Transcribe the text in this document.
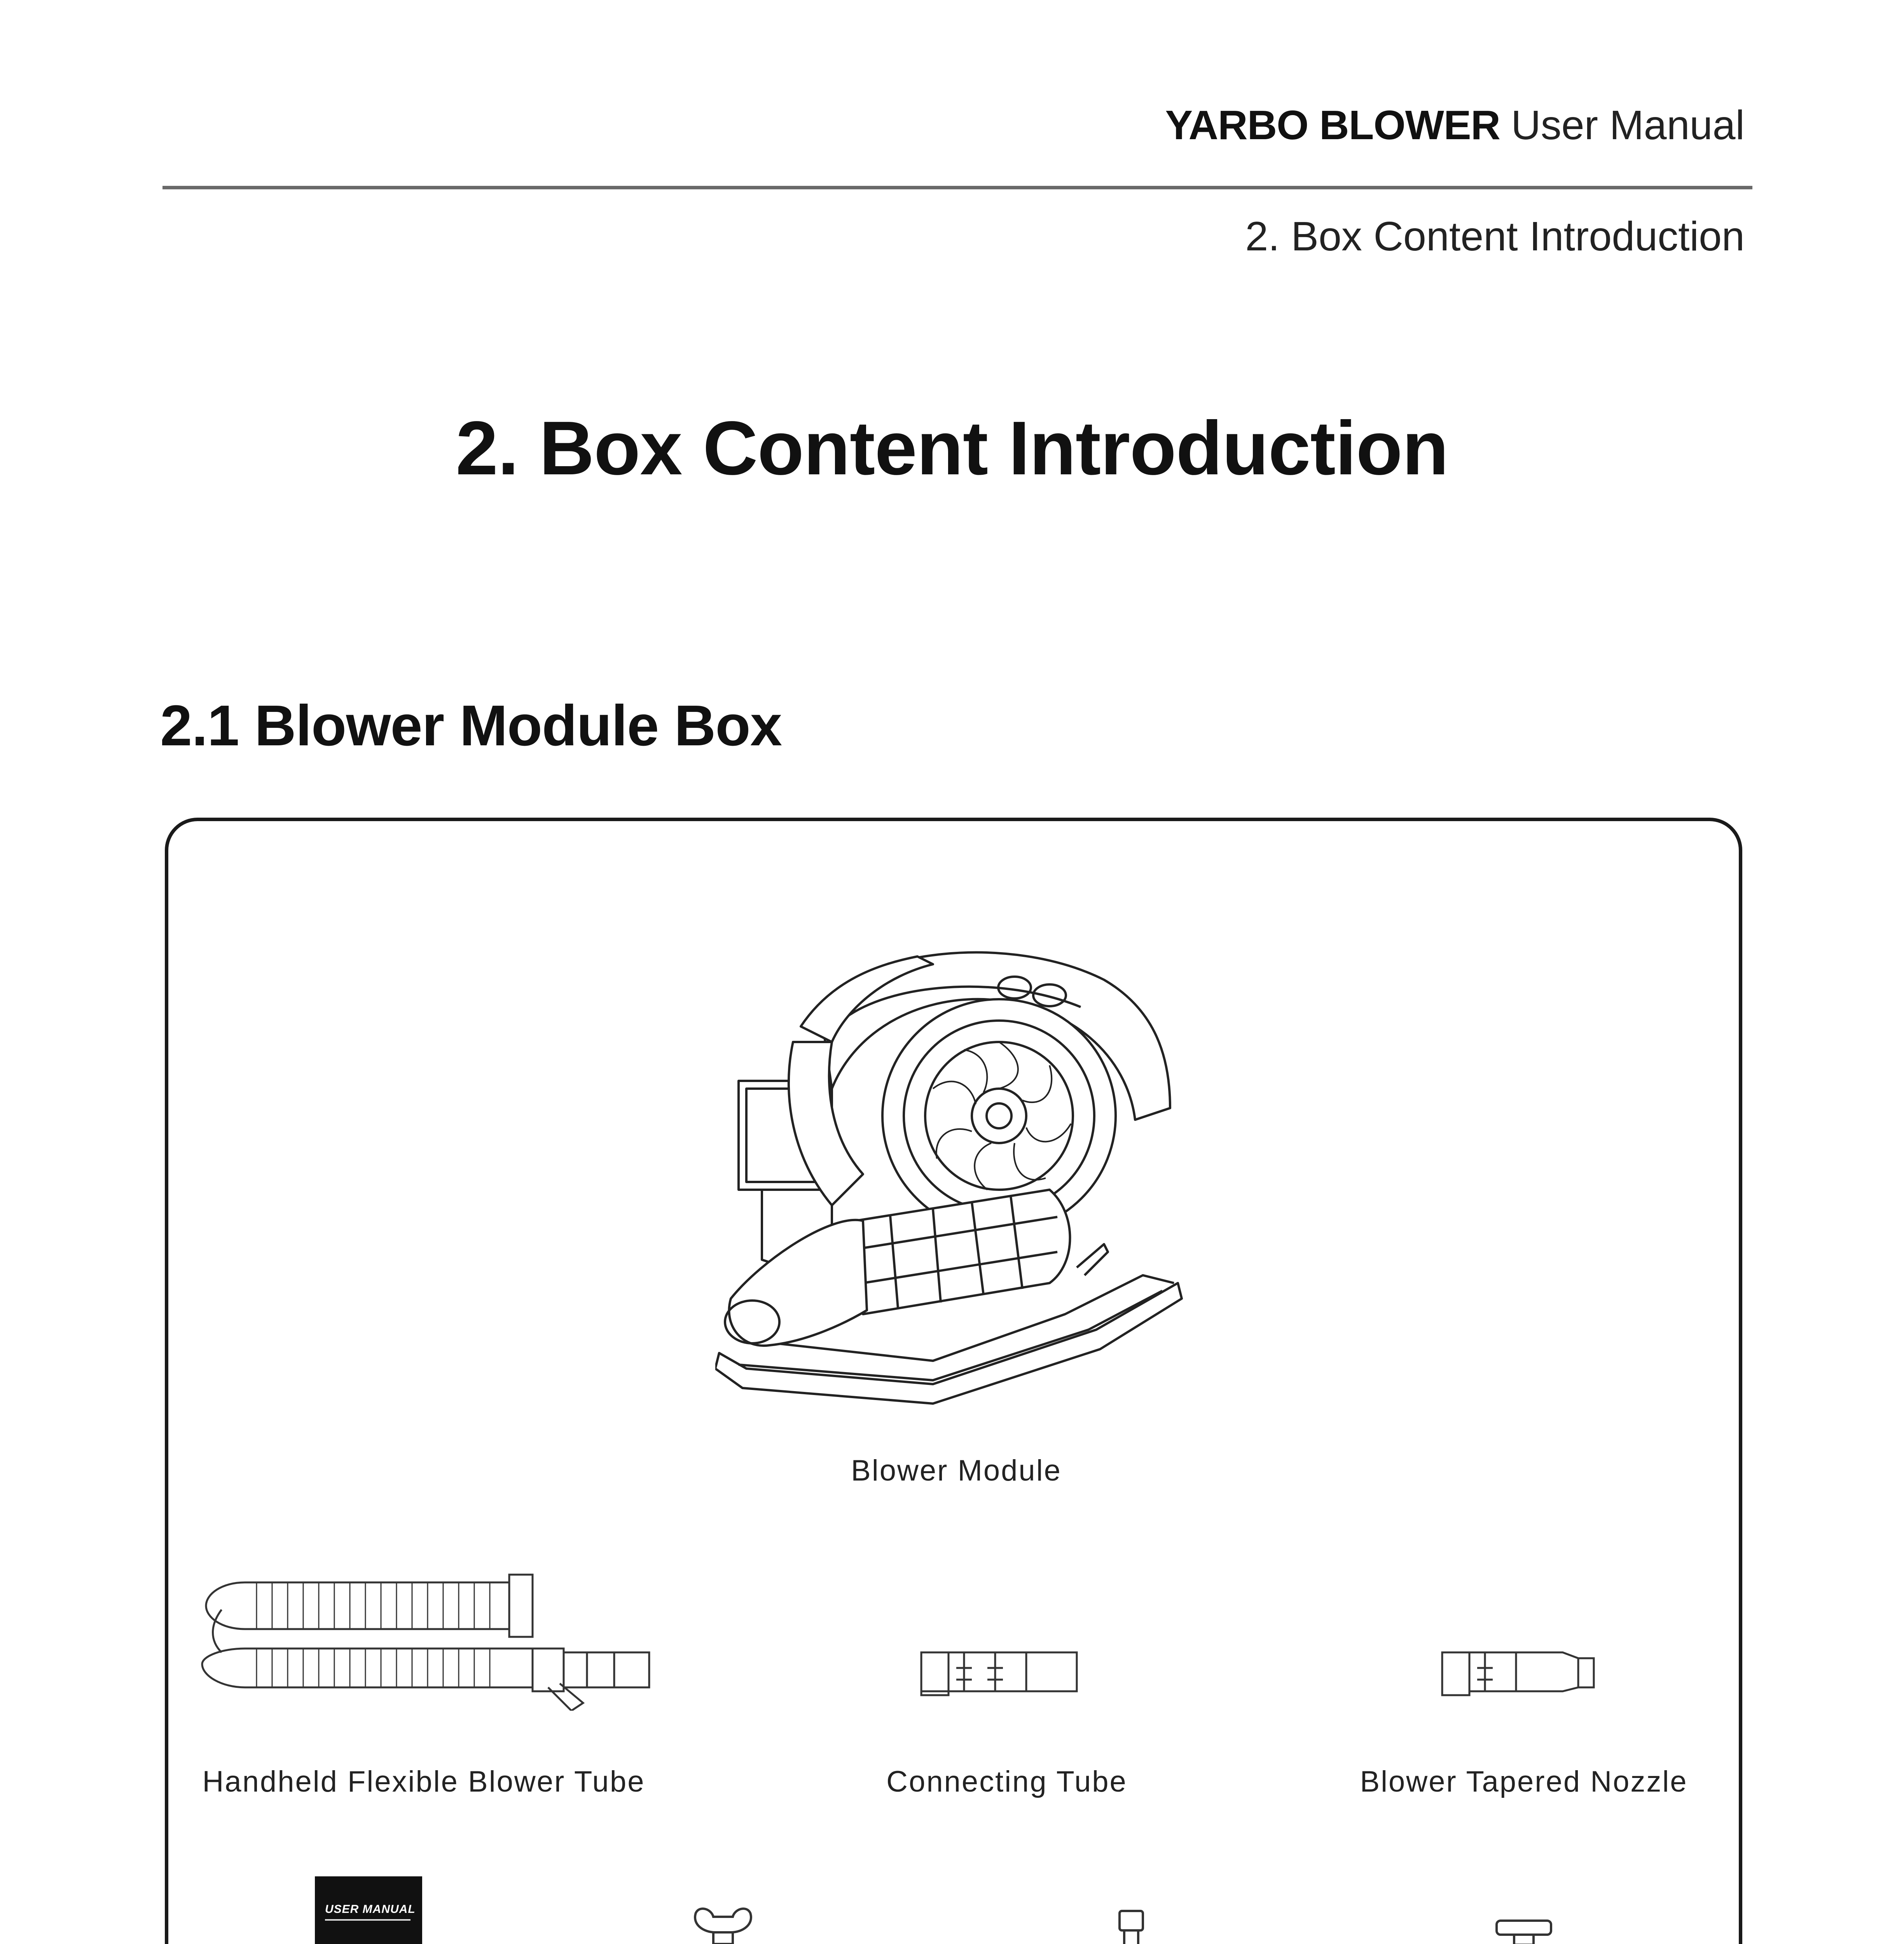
YARBO BLOWER User Manual
2. Box Content Introduction
2. Box Content Introduction
2.1 Blower Module Box
Blower Module
Handheld Flexible Blower Tube	Connecting Tube	Blower Tapered Nozzle
USER MANUAL
